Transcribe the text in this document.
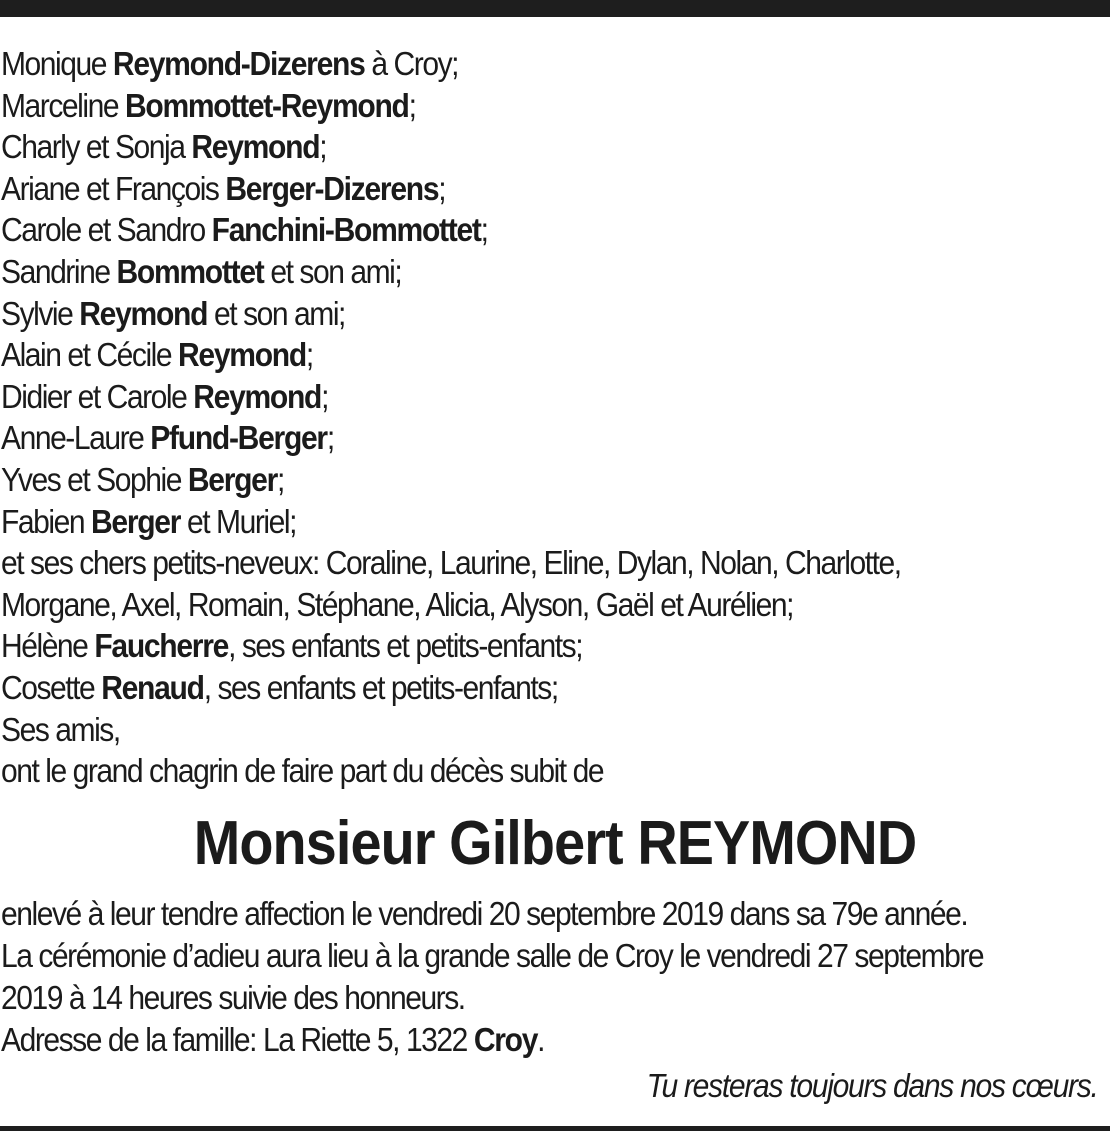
Monique Reymond-Dizerens à Croy;
Marceline Bommottet-Reymond;
Charly et Sonja Reymond;
Ariane et François Berger-Dizerens;
Carole et Sandro Fanchini-Bommottet;
Sandrine Bommottet et son ami;
Sylvie Reymond et son ami;
Alain et Cécile Reymond;
Didier et Carole Reymond;
Anne-Laure Pfund-Berger;
Yves et Sophie Berger;
Fabien Berger et Muriel;
et ses chers petits-neveux: Coraline, Laurine, Eline, Dylan, Nolan, Charlotte,
Morgane, Axel, Romain, Stéphane, Alicia, Alyson, Gaël et Aurélien;
Hélène Faucherre, ses enfants et petits-enfants;
Cosette Renaud, ses enfants et petits-enfants;
Ses amis,
ont le grand chagrin de faire part du décès subit de
Monsieur Gilbert REYMOND
enlevé à leur tendre affection le vendredi 20 septembre 2019 dans sa 79e année.
La cérémonie d’adieu aura lieu à la grande salle de Croy le vendredi 27 septembre
2019 à 14 heures suivie des honneurs.
Adresse de la famille: La Riette 5, 1322 Croy.
Tu resteras toujours dans nos cœurs.
